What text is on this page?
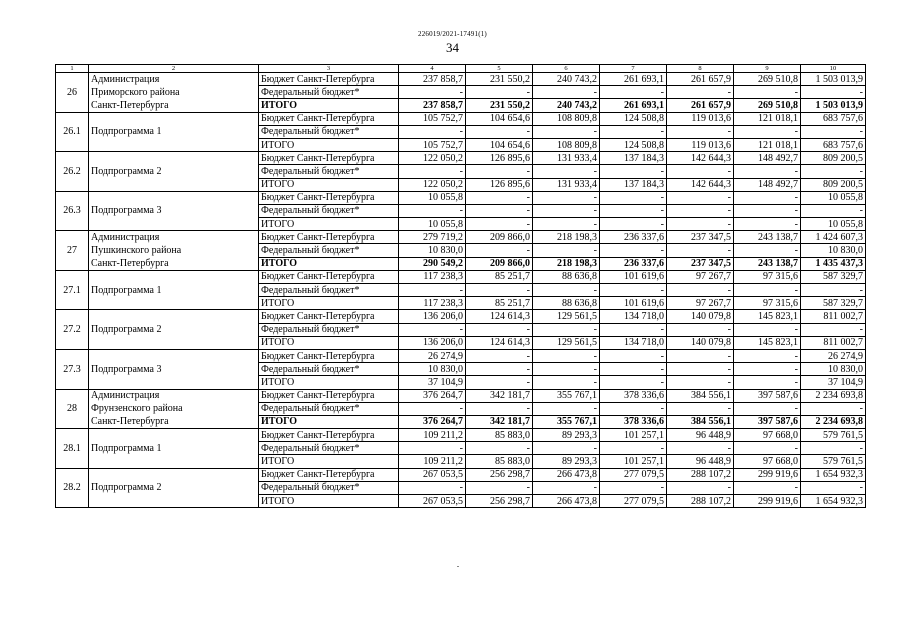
226019/2021-17491(1)
34
1	2	3	4	5	6	7	8	9	10
26	Администрация	Бюджет Санкт-Петербурга	237 858,7	231 550,2	240 743,2	261 693,1	261 657,9	269 510,8	1 503 013,9
	Приморского района	Федеральный бюджет*	-	-	-	-	-	-	-
	Санкт-Петербурга	ИТОГО	237 858,7	231 550,2	240 743,2	261 693,1	261 657,9	269 510,8	1 503 013,9
26.1	Подпрограмма 1	Бюджет Санкт-Петербурга	105 752,7	104 654,6	108 809,8	124 508,8	119 013,6	121 018,1	683 757,6
		Федеральный бюджет*	-	-	-	-	-	-	-
		ИТОГО	105 752,7	104 654,6	108 809,8	124 508,8	119 013,6	121 018,1	683 757,6
26.2	Подпрограмма 2	Бюджет Санкт-Петербурга	122 050,2	126 895,6	131 933,4	137 184,3	142 644,3	148 492,7	809 200,5
		Федеральный бюджет*	-	-	-	-	-	-	-
		ИТОГО	122 050,2	126 895,6	131 933,4	137 184,3	142 644,3	148 492,7	809 200,5
26.3	Подпрограмма 3	Бюджет Санкт-Петербурга	10 055,8	-	-	-	-	-	10 055,8
		Федеральный бюджет*	-	-	-	-	-	-	-
		ИТОГО	10 055,8	-	-	-	-	-	10 055,8
27	Администрация	Бюджет Санкт-Петербурга	279 719,2	209 866,0	218 198,3	236 337,6	237 347,5	243 138,7	1 424 607,3
	Пушкинского района	Федеральный бюджет*	10 830,0	-	-	-	-	-	10 830,0
	Санкт-Петербурга	ИТОГО	290 549,2	209 866,0	218 198,3	236 337,6	237 347,5	243 138,7	1 435 437,3
27.1	Подпрограмма 1	Бюджет Санкт-Петербурга	117 238,3	85 251,7	88 636,8	101 619,6	97 267,7	97 315,6	587 329,7
		Федеральный бюджет*	-	-	-	-	-	-	-
		ИТОГО	117 238,3	85 251,7	88 636,8	101 619,6	97 267,7	97 315,6	587 329,7
27.2	Подпрограмма 2	Бюджет Санкт-Петербурга	136 206,0	124 614,3	129 561,5	134 718,0	140 079,8	145 823,1	811 002,7
		Федеральный бюджет*	-	-	-	-	-	-	-
		ИТОГО	136 206,0	124 614,3	129 561,5	134 718,0	140 079,8	145 823,1	811 002,7
27.3	Подпрограмма 3	Бюджет Санкт-Петербурга	26 274,9	-	-	-	-	-	26 274,9
		Федеральный бюджет*	10 830,0	-	-	-	-	-	10 830,0
		ИТОГО	37 104,9	-	-	-	-	-	37 104,9
28	Администрация	Бюджет Санкт-Петербурга	376 264,7	342 181,7	355 767,1	378 336,6	384 556,1	397 587,6	2 234 693,8
	Фрунзенского района	Федеральный бюджет*	-	-	-	-	-	-	-
	Санкт-Петербурга	ИТОГО	376 264,7	342 181,7	355 767,1	378 336,6	384 556,1	397 587,6	2 234 693,8
28.1	Подпрограмма 1	Бюджет Санкт-Петербурга	109 211,2	85 883,0	89 293,3	101 257,1	96 448,9	97 668,0	579 761,5
		Федеральный бюджет*	-	-	-	-	-	-	-
		ИТОГО	109 211,2	85 883,0	89 293,3	101 257,1	96 448,9	97 668,0	579 761,5
28.2	Подпрограмма 2	Бюджет Санкт-Петербурга	267 053,5	256 298,7	266 473,8	277 079,5	288 107,2	299 919,6	1 654 932,3
		Федеральный бюджет*	-	-	-	-	-	-	-
		ИТОГО	267 053,5	256 298,7	266 473,8	277 079,5	288 107,2	299 919,6	1 654 932,3
